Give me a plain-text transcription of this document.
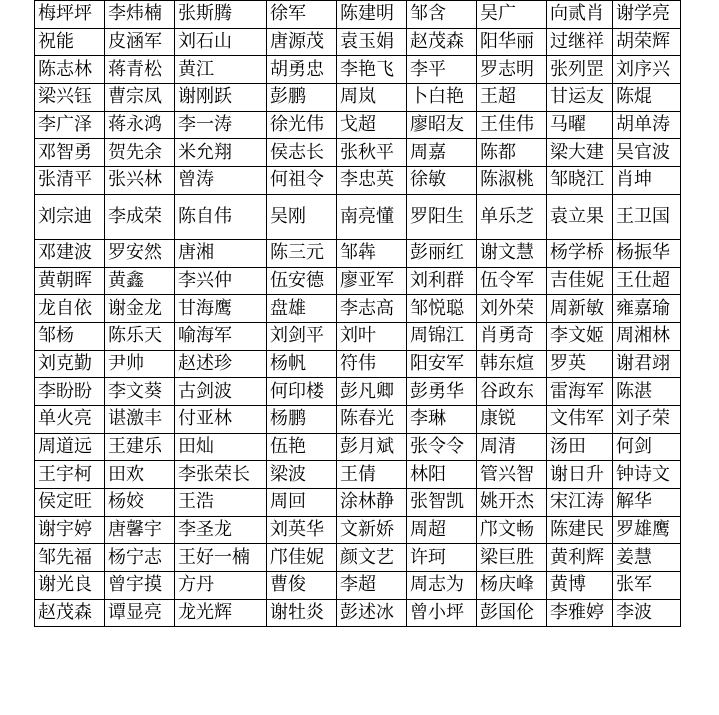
梅坪坪	李炜楠	张斯腾	徐军	陈建明	邹含	吴广	向贰肖	谢学亮
祝能	皮涵军	刘石山	唐源茂	袁玉娟	赵茂森	阳华丽	过继祥	胡荣辉
陈志林	蒋青松	黄江	胡勇忠	李艳飞	李平	罗志明	张列罡	刘序兴
梁兴钰	曹宗凤	谢刚跃	彭鹏	周岚	卜白艳	王超	甘运友	陈焜
李广泽	蒋永鸿	李一涛	徐光伟	戈超	廖昭友	王佳伟	马曜	胡单涛
邓智勇	贺先余	米允翔	侯志长	张秋平	周嘉	陈都	梁大建	吴官波
张清平	张兴林	曾涛	何祖令	李忠英	徐敏	陈淑桃	邹晓江	肖坤
刘宗迪	李成荣	陈自伟	吴刚	南亮懂	罗阳生	单乐芝	袁立果	王卫国
邓建波	罗安然	唐湘	陈三元	邹犇	彭丽红	谢文慧	杨学桥	杨振华
黄朝晖	黄鑫	李兴仲	伍安德	廖亚军	刘利群	伍令军	吉佳妮	王仕超
龙自依	谢金龙	甘海鹰	盘雄	李志高	邹悦聪	刘外荣	周新敏	雍嘉瑜
邹杨	陈乐天	喻海军	刘剑平	刘叶	周锦江	肖勇奇	李文姬	周湘林
刘克勤	尹帅	赵述珍	杨帆	符伟	阳安军	韩东煊	罗英	谢君翊
李盼盼	李文葵	古剑波	何印楼	彭凡卿	彭勇华	谷政东	雷海军	陈湛
单火亮	谌激丰	付亚林	杨鹏	陈春光	李琳	康锐	文伟军	刘子荣
周道远	王建乐	田灿	伍艳	彭月斌	张令令	周清	汤田	何剑
王宇柯	田欢	李张荣长	梁波	王倩	林阳	管兴智	谢日升	钟诗文
侯定旺	杨姣	王浩	周回	涂林静	张智凯	姚开杰	宋江涛	解华
谢宇婷	唐馨宇	李圣龙	刘英华	文新娇	周超	邝文畅	陈建民	罗雄鹰
邹先福	杨宁志	王好一楠	邝佳妮	颜文艺	许珂	梁巨胜	黄利辉	姜慧
谢光良	曾宇摸	方丹	曹俊	李超	周志为	杨庆峰	黄博	张军
赵茂森	谭显亮	龙光辉	谢牡炎	彭述冰	曾小坪	彭国伦	李雅婷	李波
